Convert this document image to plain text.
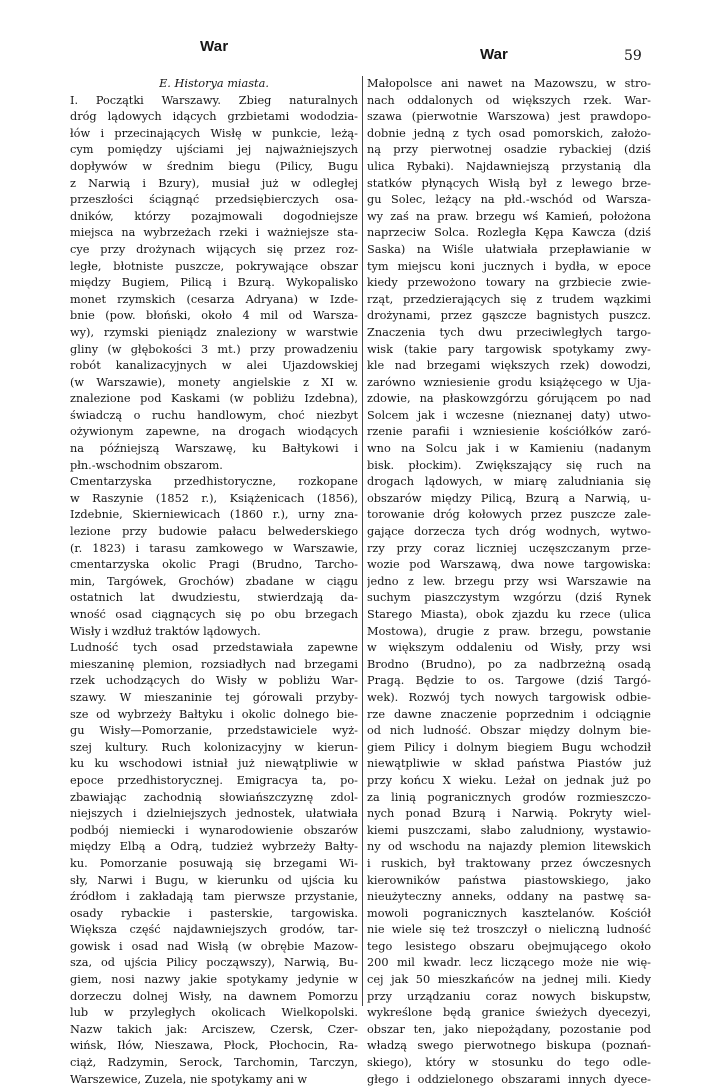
War	War	59
E. Historya miasta.
I. Początki Warszawy. Zbieg naturalnych
dróg lądowych idących grzbietami wododzia-
łów i przecinających Wisłę w punkcie, leżą-
cym pomiędzy ujściami jej najważniejszych
dopływów w średnim biegu (Pilicy, Bugu
z Narwią i Bzury), musiał już w odległej
przeszłości ściągnąć przedsiębierczych osa-
dników, którzy pozajmowali dogodniejsze
miejsca na wybrzeżach rzeki i ważniejsze sta-
cye przy drożynach wijących się przez roz-
ległe, błotniste puszcze, pokrywające obszar
między Bugiem, Pilicą i Bzurą. Wykopalisko
monet rzymskich (cesarza Adryana) w Izde-
bnie (pow. błoński, około 4 mil od Warsza-
wy), rzymski pieniądz znaleziony w warstwie
gliny (w głębokości 3 mt.) przy prowadzeniu
robót kanalizacyjnych w alei Ujazdowskiej
(w Warszawie), monety angielskie z XI w.
znalezione pod Kaskami (w pobliżu Izdebna),
świadczą o ruchu handlowym, choć niezbyt
ożywionym zapewne, na drogach wiodących
na późniejszą Warszawę, ku Bałtykowi i
płn.-wschodnim obszarom.
Cmentarzyska przedhistoryczne, rozkopane
w Raszynie (1852 r.), Książenicach (1856),
Izdebnie, Skierniewicach (1860 r.), urny zna-
lezione przy budowie pałacu belwederskiego
(r. 1823) i tarasu zamkowego w Warszawie,
cmentarzyska okolic Pragi (Brudno, Tarcho-
min, Targówek, Grochów) zbadane w ciągu
ostatnich lat dwudziestu, stwierdzają da-
wność osad ciągnących się po obu brzegach
Wisły i wzdłuż traktów lądowych.
Ludność tych osad przedstawiała zapewne
mieszaninę plemion, rozsiadłych nad brzegami
rzek uchodzących do Wisły w pobliżu War-
szawy. W mieszaninie tej górowali przyby-
sze od wybrzeży Bałtyku i okolic dolnego bie-
gu Wisły—Pomorzanie, przedstawiciele wyż-
szej kultury. Ruch kolonizacyjny w kierun-
ku ku wschodowi istniał już niewątpliwie w
epoce przedhistorycznej. Emigracya ta, po-
zbawiając zachodnią słowiańszczyznę zdol-
niejszych i dzielniejszych jednostek, ułatwiała
podbój niemiecki i wynarodowienie obszarów
między Elbą a Odrą, tudzież wybrzeży Bałty-
ku. Pomorzanie posuwają się brzegami Wi-
sły, Narwi i Bugu, w kierunku od ujścia ku
źródłom i zakładają tam pierwsze przystanie,
osady rybackie i pasterskie, targowiska.
Większa część najdawniejszych grodów, tar-
gowisk i osad nad Wisłą (w obrębie Mazow-
sza, od ujścia Pilicy począwszy), Narwią, Bu-
giem, nosi nazwy jakie spotykamy jedynie w
dorzeczu dolnej Wisły, na dawnem Pomorzu
lub w przyległych okolicach Wielkopolski.
Nazw takich jak: Arciszew, Czersk, Czer-
wińsk, Iłów, Nieszawa, Płock, Płochocin, Ra-
ciąż, Radzymin, Serock, Tarchomin, Tarczyn,
Warszewice, Zuzela, nie spotykamy ani w
Małopolsce ani nawet na Mazowszu, w stro-
nach oddalonych od większych rzek. War-
szawa (pierwotnie Warszowa) jest prawdopo-
dobnie jedną z tych osad pomorskich, założo-
ną przy pierwotnej osadzie rybackiej (dziś
ulica Rybaki). Najdawniejszą przystanią dla
statków płynących Wisłą był z lewego brze-
gu Solec, leżący na płd.-wschód od Warsza-
wy zaś na praw. brzegu wś Kamień, położona
naprzeciw Solca. Rozległa Kępa Kawcza (dziś
Saska) na Wiśle ułatwiała przepławianie w
tym miejscu koni jucznych i bydła, w epoce
kiedy przewożono towary na grzbiecie zwie-
rząt, przedzierających się z trudem wązkimi
drożynami, przez gąszcze bagnistych puszcz.
Znaczenia tych dwu przeciwległych targo-
wisk (takie pary targowisk spotykamy zwy-
kle nad brzegami większych rzek) dowodzi,
zarówno wzniesienie grodu książęcego w Uja-
zdowie, na płaskowzgórzu górującem po nad
Solcem jak i wczesne (nieznanej daty) utwo-
rzenie parafii i wzniesienie kościółków zaró-
wno na Solcu jak i w Kamieniu (nadanym
bisk. płockim). Zwiększający się ruch na
drogach lądowych, w miarę zaludniania się
obszarów między Pilicą, Bzurą a Narwią, u-
torowanie dróg kołowych przez puszcze zale-
gające dorzecza tych dróg wodnych, wytwo-
rzy przy coraz liczniej uczęszczanym prze-
wozie pod Warszawą, dwa nowe targowiska:
jedno z lew. brzegu przy wsi Warszawie na
suchym piaszczystym wzgórzu (dziś Rynek
Starego Miasta), obok zjazdu ku rzece (ulica
Mostowa), drugie z praw. brzegu, powstanie
w większym oddaleniu od Wisły, przy wsi
Brodno (Brudno), po za nadbrzeżną osadą
Pragą. Będzie to os. Targowe (dziś Targó-
wek). Rozwój tych nowych targowisk odbie-
rze dawne znaczenie poprzednim i odciągnie
od nich ludność. Obszar między dolnym bie-
giem Pilicy i dolnym biegiem Bugu wchodził
niewątpliwie w skład państwa Piastów już
przy końcu X wieku. Leżał on jednak już po
za linią pogranicznych grodów rozmieszczo-
nych ponad Bzurą i Narwią. Pokryty wiel-
kiemi puszczami, słabo zaludniony, wystawio-
ny od wschodu na najazdy plemion litewskich
i ruskich, był traktowany przez ówczesnych
kierowników państwa piastowskiego, jako
nieużyteczny anneks, oddany na pastwę sa-
mowoli pogranicznych kasztelanów. Kościół
nie wiele się też troszczył o nieliczną ludność
tego lesistego obszaru obejmującego około
200 mil kwadr. lecz liczącego może nie wię-
cej jak 50 mieszkańców na jednej mili. Kiedy
przy urządzaniu coraz nowych biskupstw,
wykreślone będą granice świeżych dyecezyi,
obszar ten, jako niepożądany, pozostanie pod
władzą swego pierwotnego biskupa (poznań-
skiego), który w stosunku do tego odle-
głego i oddzielonego obszarami innych dyece-
